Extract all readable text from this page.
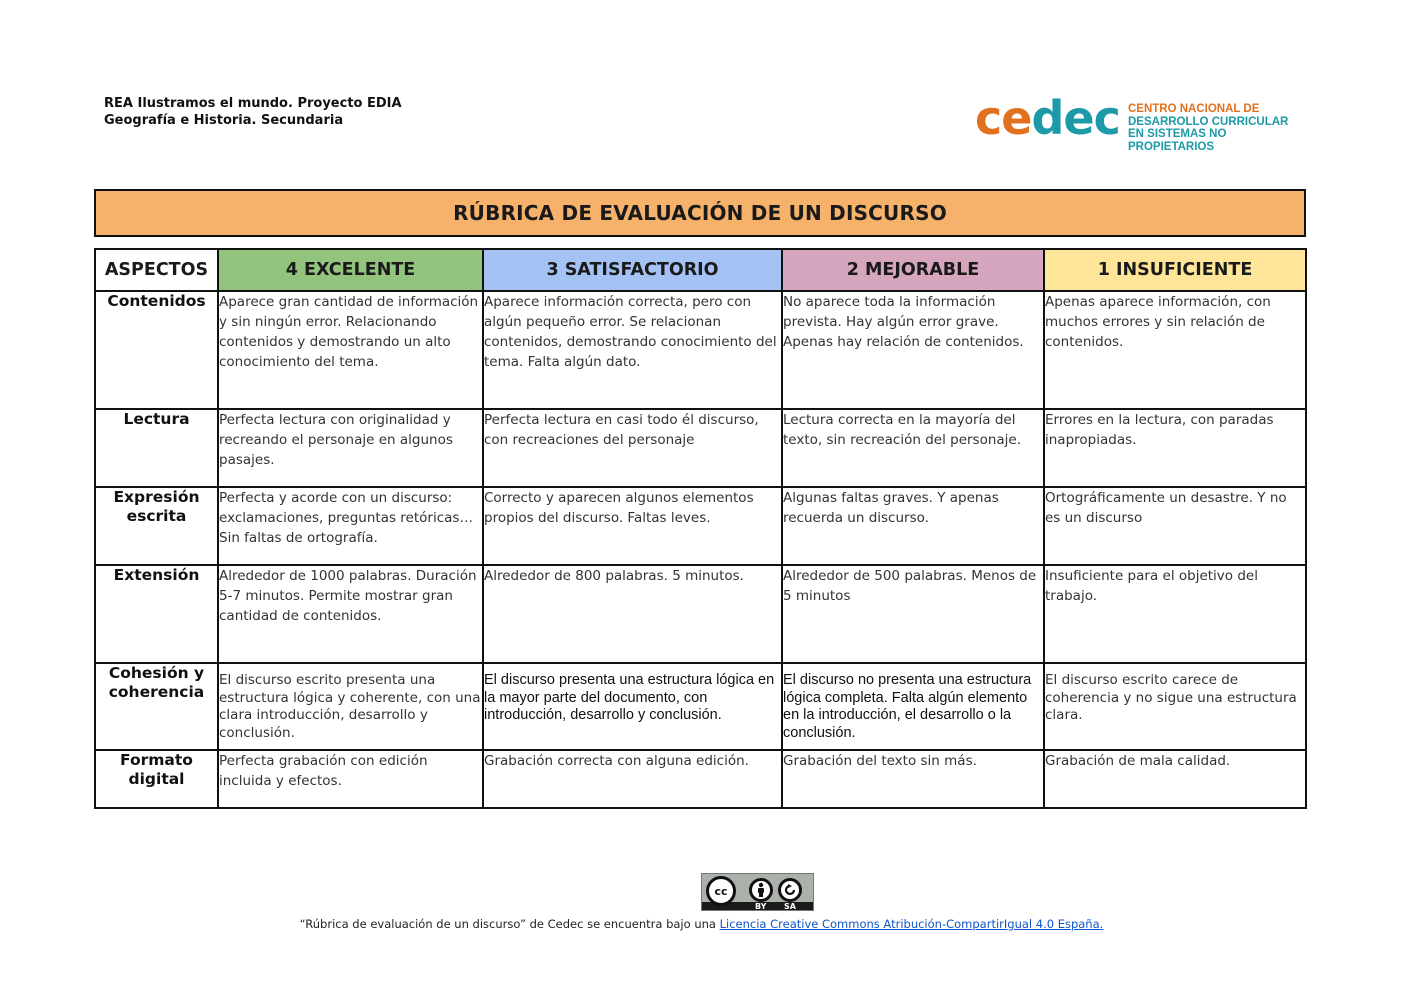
REA Ilustramos el mundo. Proyecto EDIA
Geografía e Historia. Secundaria	cedec CENTRO NACIONAL DE
DESARROLLO CURRICULAR
EN SISTEMAS NO PROPIETARIOS
RÚBRICA DE EVALUACIÓN DE UN DISCURSO
ASPECTOS	4 EXCELENTE	3 SATISFACTORIO	2 MEJORABLE	1 INSUFICIENTE
Contenidos	Aparece gran cantidad de información y sin ningún error. Relacionando contenidos y demostrando un alto conocimiento del tema.	Aparece información correcta, pero con algún pequeño error. Se relacionan contenidos, demostrando conocimiento del tema. Falta algún dato.	No aparece toda la información prevista. Hay algún error grave. Apenas hay relación de contenidos.	Apenas aparece información, con muchos errores y sin relación de contenidos.
Lectura	Perfecta lectura con originalidad y recreando el personaje en algunos pasajes.	Perfecta lectura en casi todo él discurso, con recreaciones del personaje	Lectura correcta en la mayoría del texto, sin recreación del personaje.	Errores en la lectura, con paradas inapropiadas.
Expresión escrita	Perfecta y acorde con un discurso: exclamaciones, preguntas retóricas… Sin faltas de ortografía.	Correcto y aparecen algunos elementos propios del discurso. Faltas leves.	Algunas faltas graves. Y apenas recuerda un discurso.	Ortográficamente un desastre. Y no es un discurso
Extensión	Alrededor de 1000 palabras. Duración 5-7 minutos. Permite mostrar gran cantidad de contenidos.	Alrededor de 800 palabras. 5 minutos.	Alrededor de 500 palabras. Menos de 5 minutos	Insuficiente para el objetivo del trabajo.
Cohesión y coherencia	El discurso escrito presenta una estructura lógica y coherente, con una clara introducción, desarrollo y conclusión.	El discurso presenta una estructura lógica en la mayor parte del documento, con introducción, desarrollo y conclusión.	El discurso no presenta una estructura lógica completa. Falta algún elemento en la introducción, el desarrollo o la conclusión.	El discurso escrito carece de coherencia y no sigue una estructura clara.
Formato digital	Perfecta grabación con edición incluida y efectos.	Grabación correcta con alguna edición.	Grabación del texto sin más.	Grabación de mala calidad.
cc
BY SA
“Rúbrica de evaluación de un discurso” de Cedec se encuentra bajo una Licencia Creative Commons Atribución-CompartirIgual 4.0 España.
